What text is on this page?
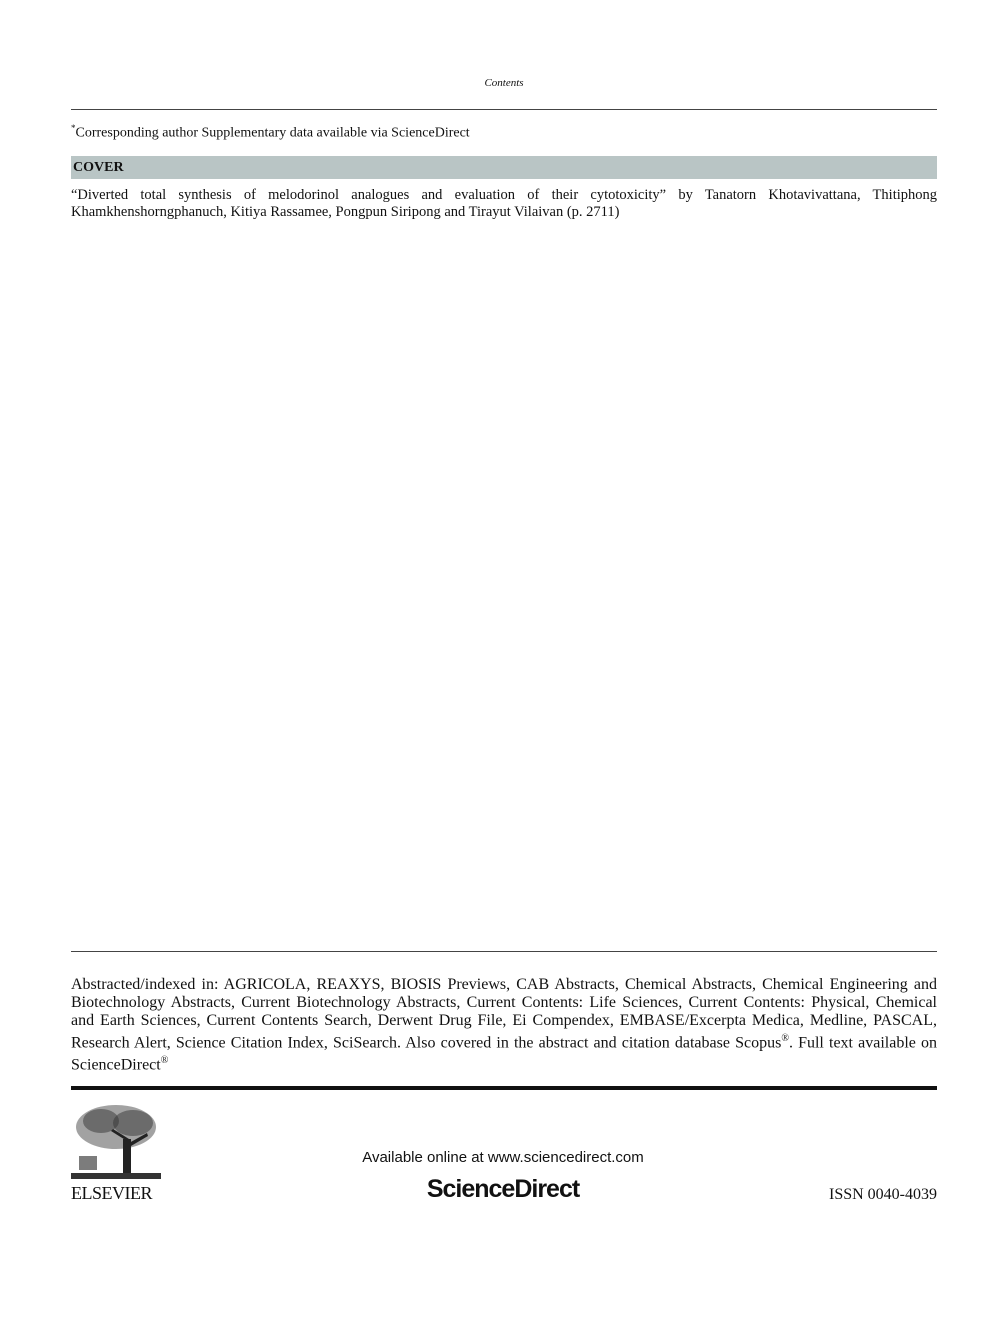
Contents
*Corresponding author Supplementary data available via ScienceDirect
COVER
“Diverted total synthesis of melodorinol analogues and evaluation of their cytotoxicity” by Tanatorn Khotavivattana, Thitiphong Khamkhenshorngphanuch, Kitiya Rassamee, Pongpun Siripong and Tirayut Vilaivan (p. 2711)
Abstracted/indexed in: AGRICOLA, REAXYS, BIOSIS Previews, CAB Abstracts, Chemical Abstracts, Chemical Engineering and Biotechnology Abstracts, Current Biotechnology Abstracts, Current Contents: Life Sciences, Current Contents: Physical, Chemical and Earth Sciences, Current Contents Search, Derwent Drug File, Ei Compendex, EMBASE/Excerpta Medica, Medline, PASCAL, Research Alert, Science Citation Index, SciSearch. Also covered in the abstract and citation database Scopus®. Full text available on ScienceDirect®
ELSEVIER
Available online at www.sciencedirect.com
ScienceDirect	ISSN 0040-4039
